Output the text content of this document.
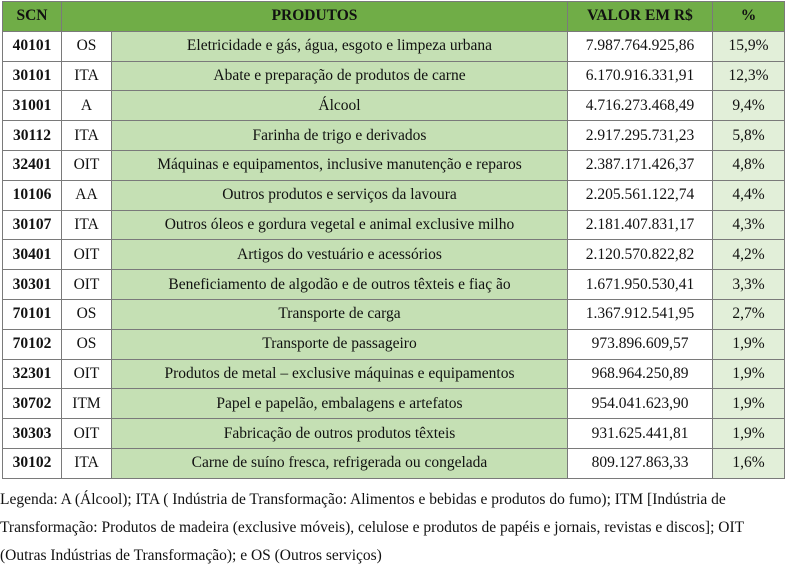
SCN	PRODUTOS		VALOR EM R$	%
40101	OS	Eletricidade e gás, água, esgoto e limpeza urbana	7.987.764.925,86	15,9%
30101	ITA	Abate e preparação de produtos de carne	6.170.916.331,91	12,3%
31001	A	Álcool	4.716.273.468,49	9,4%
30112	ITA	Farinha de trigo e derivados	2.917.295.731,23	5,8%
32401	OIT	Máquinas e equipamentos, inclusive manutenção e reparos	2.387.171.426,37	4,8%
10106	AA	Outros produtos e serviços da lavoura	2.205.561.122,74	4,4%
30107	ITA	Outros óleos e gordura vegetal e animal exclusive milho	2.181.407.831,17	4,3%
30401	OIT	Artigos do vestuário e acessórios	2.120.570.822,82	4,2%
30301	OIT	Beneficiamento de algodão e de outros têxteis e fiaç ão	1.671.950.530,41	3,3%
70101	OS	Transporte de carga	1.367.912.541,95	2,7%
70102	OS	Transporte de passageiro	973.896.609,57	1,9%
32301	OIT	Produtos de metal – exclusive máquinas e equipamentos	968.964.250,89	1,9%
30702	ITM	Papel e papelão, embalagens e artefatos	954.041.623,90	1,9%
30303	OIT	Fabricação de outros produtos têxteis	931.625.441,81	1,9%
30102	ITA	Carne de suíno fresca, refrigerada ou congelada	809.127.863,33	1,6%
Legenda: A (Álcool); ITA ( Indústria de Transformação: Alimentos e bebidas e produtos do fumo); ITM [Indústria de Transformação: Produtos de madeira (exclusive móveis), celulose e produtos de papéis e jornais, revistas e discos]; OIT (Outras Indústrias de Transformação); e OS (Outros serviços)
